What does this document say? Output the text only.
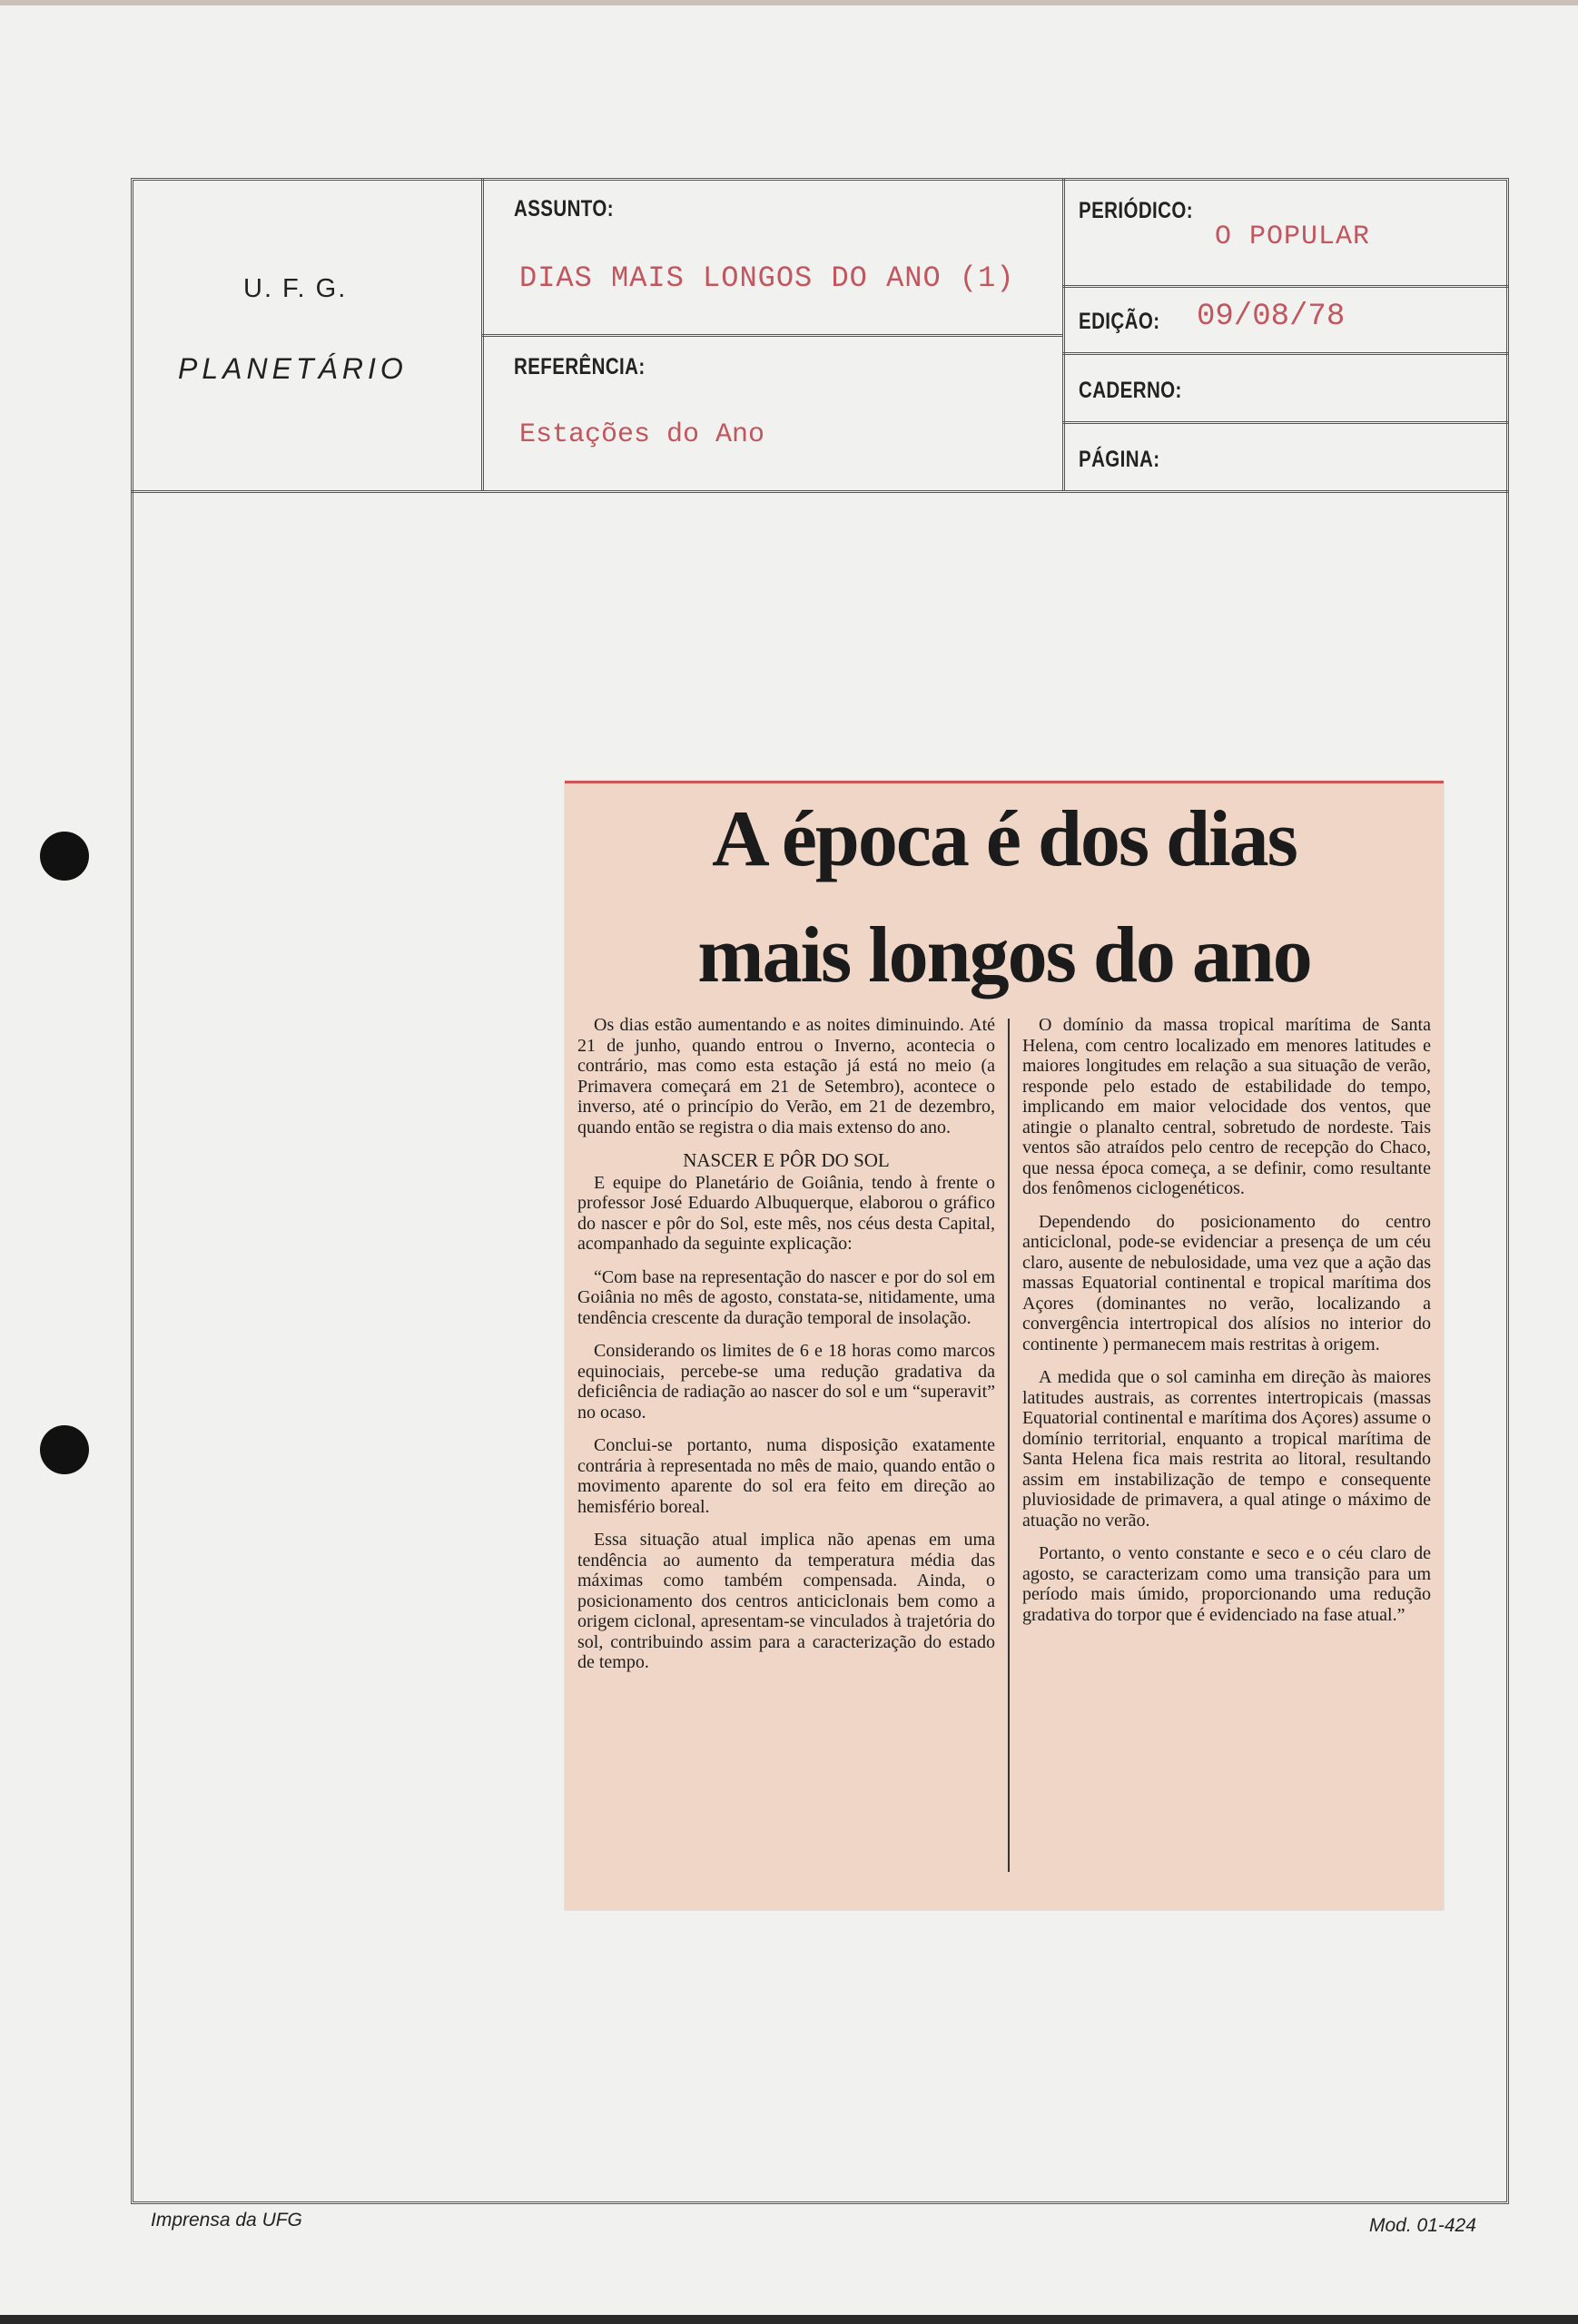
U. F. G.
PLANETÁRIO
ASSUNTO:
DIAS MAIS LONGOS DO ANO (1)
REFERÊNCIA:
Estações do Ano
PERIÓDICO:
O POPULAR
EDIÇÃO: 09/08/78
CADERNO:
PÁGINA:
A época é dos dias
mais longos do ano

Os dias estão aumentando e as noites diminuindo. Até 21 de junho, quando entrou o Inverno, acontecia o contrário, mas como esta estação já está no meio (a Primavera começará em 21 de Setembro), acontece o inverso, até o princípio do Verão, em 21 de dezembro, quando então se registra o dia mais extenso do ano.

NASCER E PÔR DO SOL

E equipe do Planetário de Goiânia, tendo à frente o professor José Eduardo Albuquerque, elaborou o gráfico do nascer e pôr do Sol, este mês, nos céus desta Capital, acompanhado da seguinte explicação:

“Com base na representação do nascer e por do sol em Goiânia no mês de agosto, constata-se, nitidamente, uma tendência crescente da duração temporal de insolação.

Considerando os limites de 6 e 18 horas como marcos equinociais, percebe-se uma redução gradativa da deficiência de radiação ao nascer do sol e um “superavit” no ocaso.

Conclui-se portanto, numa disposição exatamente contrária à representada no mês de maio, quando então o movimento aparente do sol era feito em direção ao hemisfério boreal.

Essa situação atual implica não apenas em uma tendência ao aumento da temperatura média das máximas como também compensada. Ainda, o posicionamento dos centros anticiclonais bem como a origem ciclonal, apresentam-se vinculados à trajetória do sol, contribuindo assim para a caracterização do estado de tempo.

O domínio da massa tropical marítima de Santa Helena, com centro localizado em menores latitudes e maiores longitudes em relação a sua situação de verão, responde pelo estado de estabilidade do tempo, implicando em maior velocidade dos ventos, que atingie o planalto central, sobretudo de nordeste. Tais ventos são atraídos pelo centro de recepção do Chaco, que nessa época começa, a se definir, como resultante dos fenômenos ciclogenéticos.

Dependendo do posicionamento do centro anticiclonal, pode-se evidenciar a presença de um céu claro, ausente de nebulosidade, uma vez que a ação das massas Equatorial continental e tropical marítima dos Açores (dominantes no verão, localizando a convergência intertropical dos alísios no interior do continente ) permanecem mais restritas à origem.

A medida que o sol caminha em direção às maiores latitudes austrais, as correntes intertropicais (massas Equatorial continental e marítima dos Açores) assume o domínio territorial, enquanto a tropical marítima de Santa Helena fica mais restrita ao litoral, resultando assim em instabilização de tempo e consequente pluviosidade de primavera, a qual atinge o máximo de atuação no verão.

Portanto, o vento constante e seco e o céu claro de agosto, se caracterizam como uma transição para um período mais úmido, proporcionando uma redução gradativa do torpor que é evidenciado na fase atual.”

Imprensa da UFG	Mod. 01-424
